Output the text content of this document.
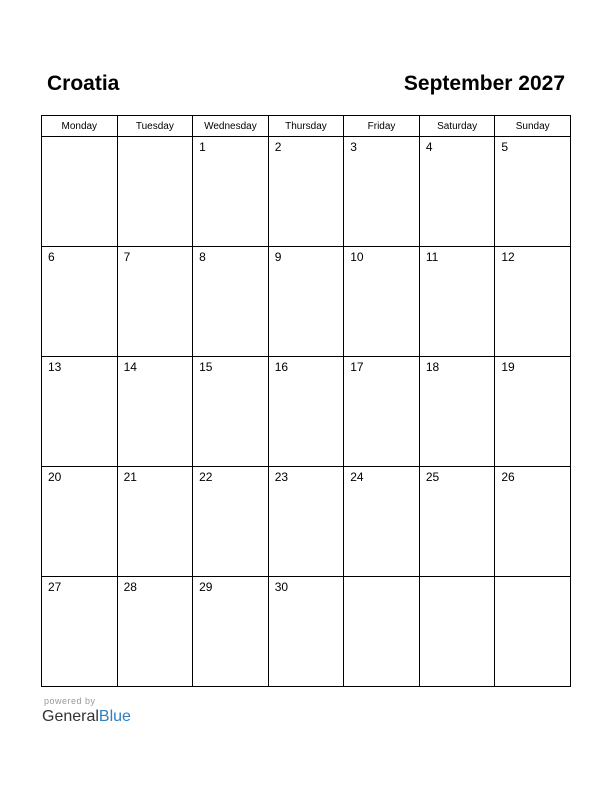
Croatia	September 2027
Monday	Tuesday	Wednesday	Thursday	Friday	Saturday	Sunday

		1	2	3	4	5

6	7	8	9	10	11	12

13	14	15	16	17	18	19

20	21	22	23	24	25	26

27	28	29	30			

powered by
GeneralBlue
